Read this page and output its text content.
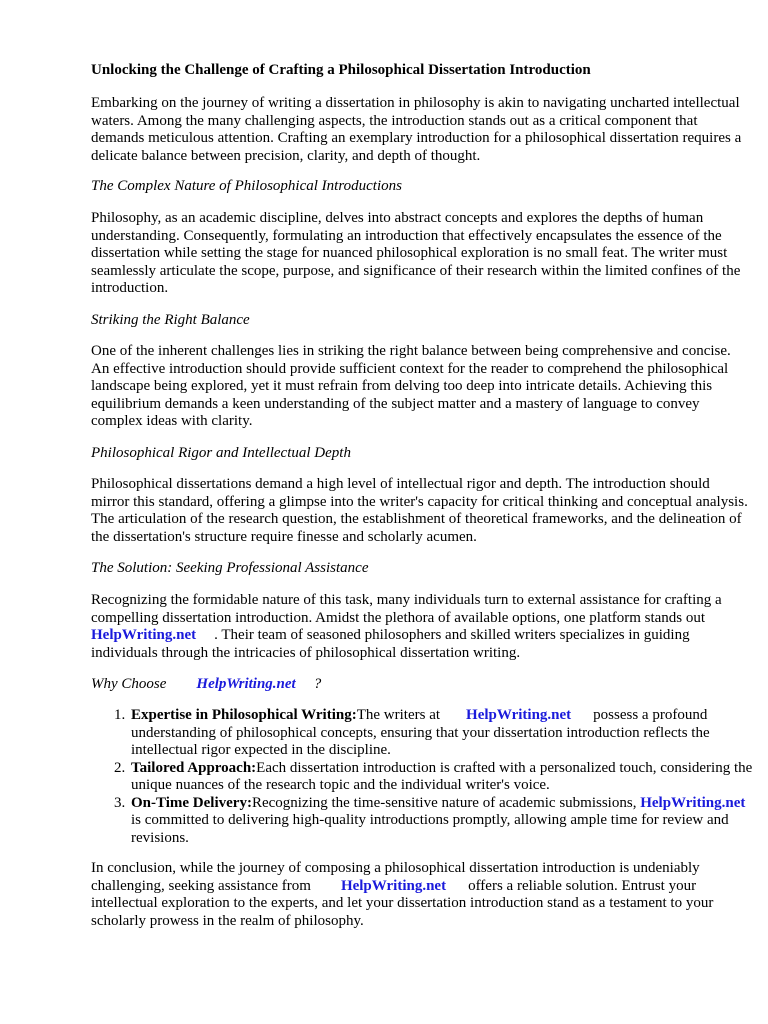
Unlocking the Challenge of Crafting a Philosophical Dissertation Introduction

Embarking on the journey of writing a dissertation in philosophy is akin to navigating uncharted intellectual waters. Among the many challenging aspects, the introduction stands out as a critical component that demands meticulous attention. Crafting an exemplary introduction for a philosophical dissertation requires a delicate balance between precision, clarity, and depth of thought.

The Complex Nature of Philosophical Introductions

Philosophy, as an academic discipline, delves into abstract concepts and explores the depths of human understanding. Consequently, formulating an introduction that effectively encapsulates the essence of the dissertation while setting the stage for nuanced philosophical exploration is no small feat. The writer must seamlessly articulate the scope, purpose, and significance of their research within the limited confines of the introduction.

Striking the Right Balance

One of the inherent challenges lies in striking the right balance between being comprehensive and concise. An effective introduction should provide sufficient context for the reader to comprehend the philosophical landscape being explored, yet it must refrain from delving too deep into intricate details. Achieving this equilibrium demands a keen understanding of the subject matter and a mastery of language to convey complex ideas with clarity.

Philosophical Rigor and Intellectual Depth

Philosophical dissertations demand a high level of intellectual rigor and depth. The introduction should mirror this standard, offering a glimpse into the writer's capacity for critical thinking and conceptual analysis. The articulation of the research question, the establishment of theoretical frameworks, and the delineation of the dissertation's structure require finesse and scholarly acumen.

The Solution: Seeking Professional Assistance

Recognizing the formidable nature of this task, many individuals turn to external assistance for crafting a compelling dissertation introduction. Amidst the plethora of available options, one platform stands outHelpWriting.net . Their team of seasoned philosophers and skilled writers specializes in guiding individuals through the intricacies of philosophical dissertation writing.

Why Choose HelpWriting.net ?

1. Expertise in Philosophical Writing:The writers at HelpWriting.net possess a profound understanding of philosophical concepts, ensuring that your dissertation introduction reflects the intellectual rigor expected in the discipline.
2. Tailored Approach:Each dissertation introduction is crafted with a personalized touch, considering the unique nuances of the research topic and the individual writer's voice.
3. On-Time Delivery:Recognizing the time-sensitive nature of academic submissions, HelpWriting.netis committed to delivering high-quality introductions promptly, allowing ample time for review and revisions.

In conclusion, while the journey of composing a philosophical dissertation introduction is undeniably challenging, seeking assistance from HelpWriting.net offers a reliable solution. Entrust your intellectual exploration to the experts, and let your dissertation introduction stand as a testament to your scholarly prowess in the realm of philosophy.
